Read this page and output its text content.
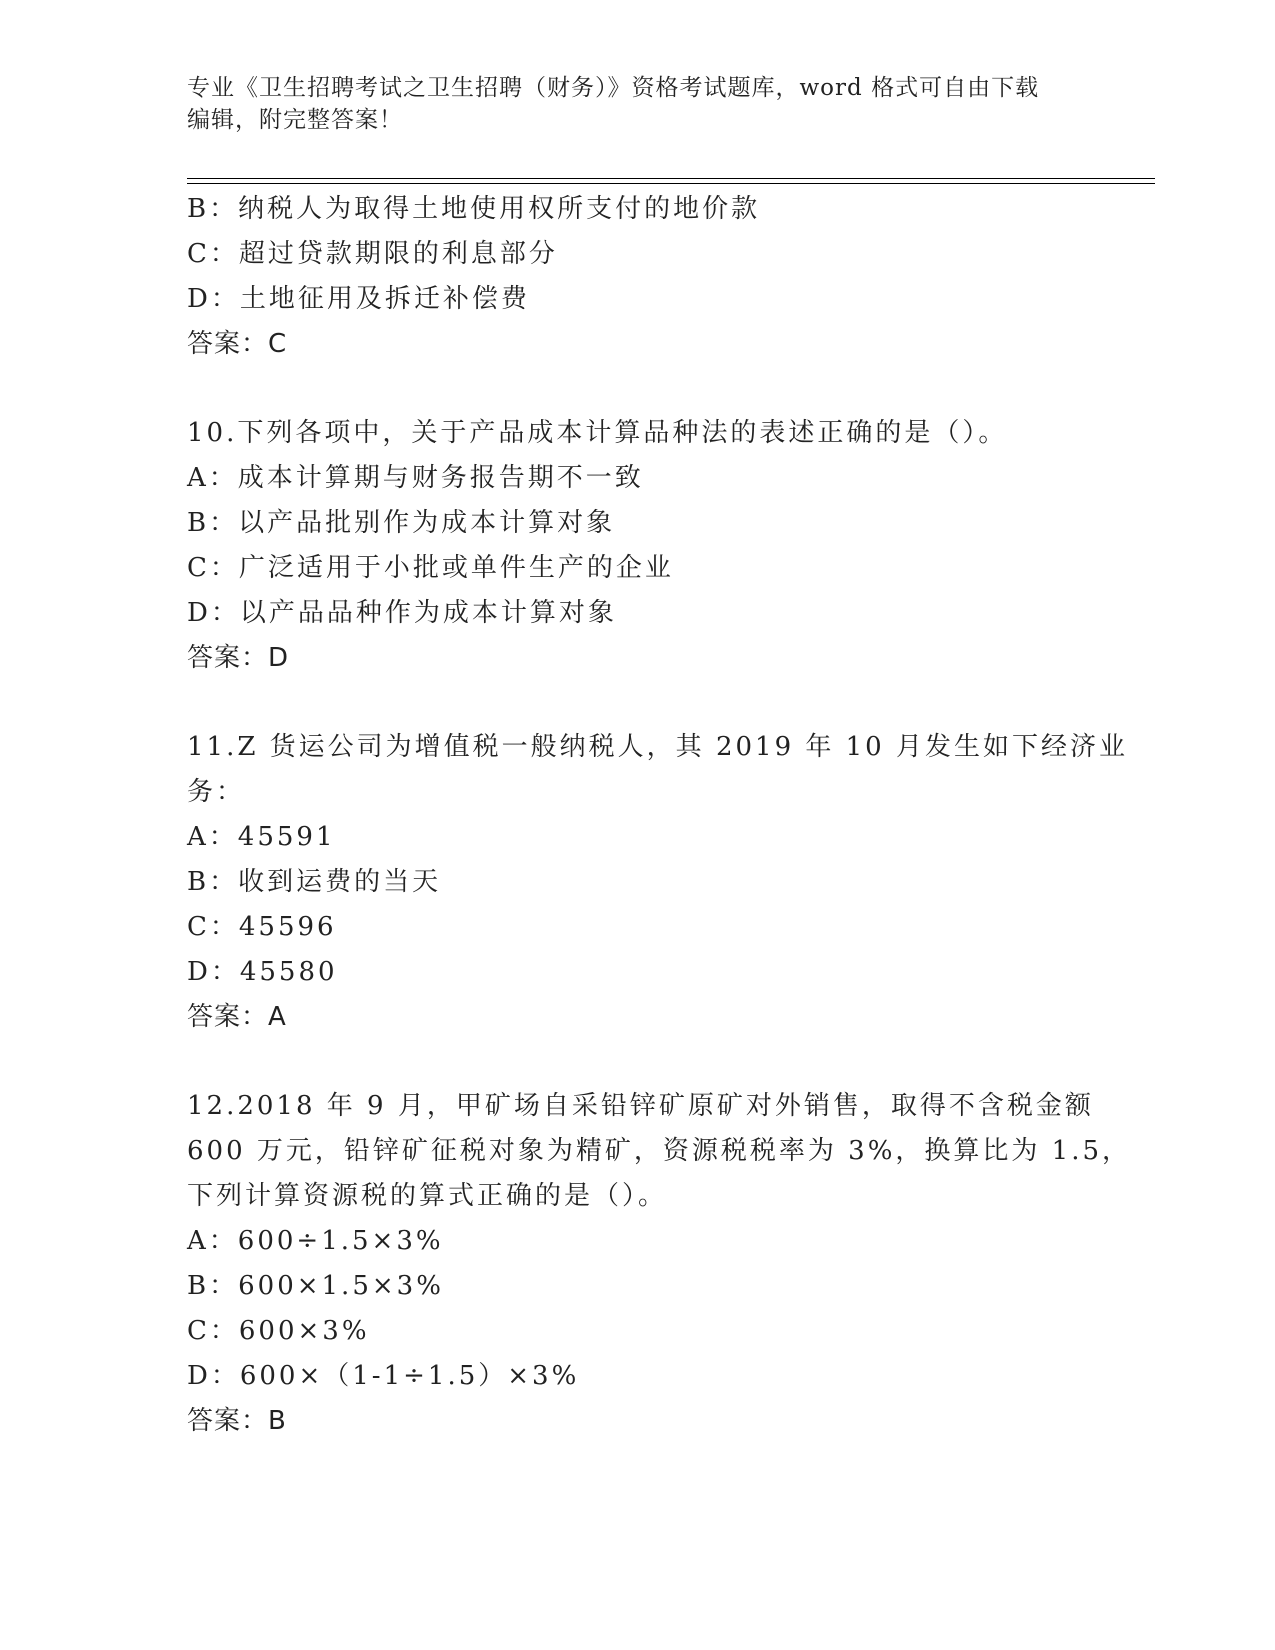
专业《卫生招聘考试之卫生招聘（财务）》资格考试题库，word 格式可自由下载
编辑，附完整答案！
B：纳税人为取得土地使用权所支付的地价款
C：超过贷款期限的利息部分
D：土地征用及拆迁补偿费
答案：C
10.下列各项中，关于产品成本计算品种法的表述正确的是（）。
A：成本计算期与财务报告期不一致
B：以产品批别作为成本计算对象
C：广泛适用于小批或单件生产的企业
D：以产品品种作为成本计算对象
答案：D
11.Z 货运公司为增值税一般纳税人，其 2019 年 10 月发生如下经济业
务：
A：45591
B：收到运费的当天
C：45596
D：45580
答案：A
12.2018 年 9 月，甲矿场自采铅锌矿原矿对外销售，取得不含税金额
600 万元，铅锌矿征税对象为精矿，资源税税率为 3%，换算比为 1.5，
下列计算资源税的算式正确的是（）。
A：600÷1.5×3%
B：600×1.5×3%
C：600×3%
D：600×（1-1÷1.5）×3%
答案：B
